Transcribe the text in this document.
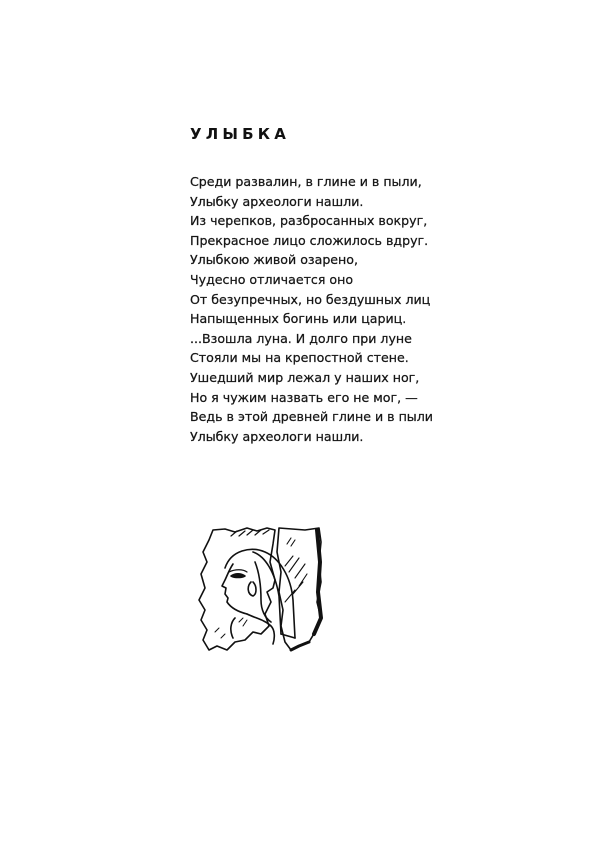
УЛЫБКА
Среди развалин, в глине и в пыли,
Улыбку археологи нашли.
Из черепков, разбросанных вокруг,
Прекрасное лицо сложилось вдруг.
Улыбкою живой озарено,
Чудесно отличается оно
От безупречных, но бездушных лиц
Напыщенных богинь или цариц.
...Взошла луна. И долго при луне
Стояли мы на крепостной стене.
Ушедший мир лежал у наших ног,
Но я чужим назвать его не мог, —
Ведь в этой древней глине и в пыли
Улыбку археологи нашли.
